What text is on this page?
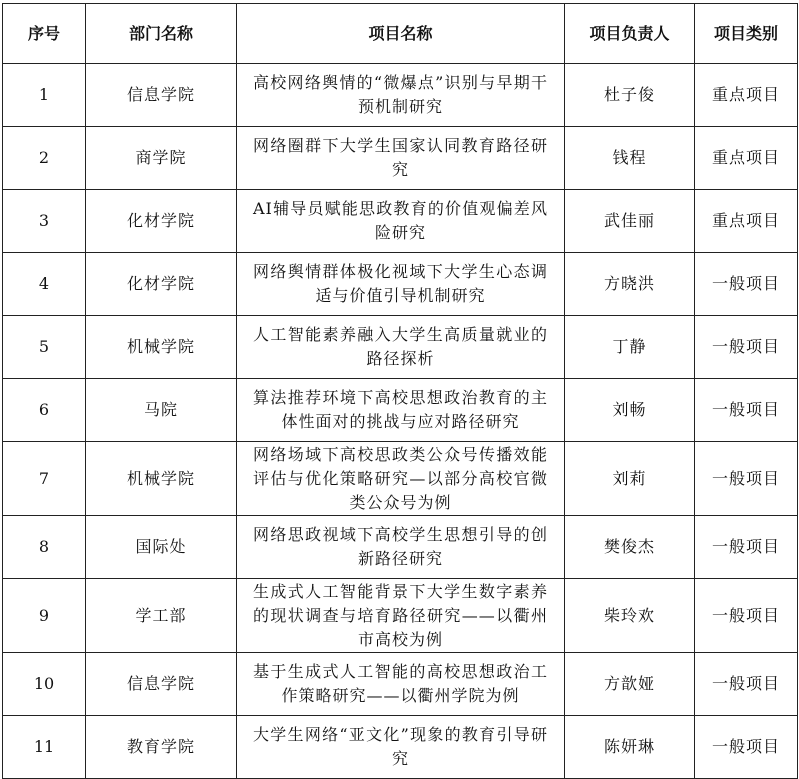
序号	部门名称	项目名称	项目负责人	项目类别
1	信息学院	高校网络舆情的“微爆点”识别与早期干预机制研究	杜子俊	重点项目
2	商学院	网络圈群下大学生国家认同教育路径研究	钱程	重点项目
3	化材学院	AI辅导员赋能思政教育的价值观偏差风险研究	武佳丽	重点项目
4	化材学院	网络舆情群体极化视域下大学生心态调适与价值引导机制研究	方晓洪	一般项目
5	机械学院	人工智能素养融入大学生高质量就业的路径探析	丁静	一般项目
6	马院	算法推荐环境下高校思想政治教育的主体性面对的挑战与应对路径研究	刘畅	一般项目
7	机械学院	网络场域下高校思政类公众号传播效能评估与优化策略研究—以部分高校官微类公众号为例	刘莉	一般项目
8	国际处	网络思政视域下高校学生思想引导的创新路径研究	樊俊杰	一般项目
9	学工部	生成式人工智能背景下大学生数字素养的现状调查与培育路径研究——以衢州市高校为例	柴玲欢	一般项目
10	信息学院	基于生成式人工智能的高校思想政治工作策略研究——以衢州学院为例	方歆娅	一般项目
11	教育学院	大学生网络“亚文化”现象的教育引导研究	陈妍琳	一般项目
